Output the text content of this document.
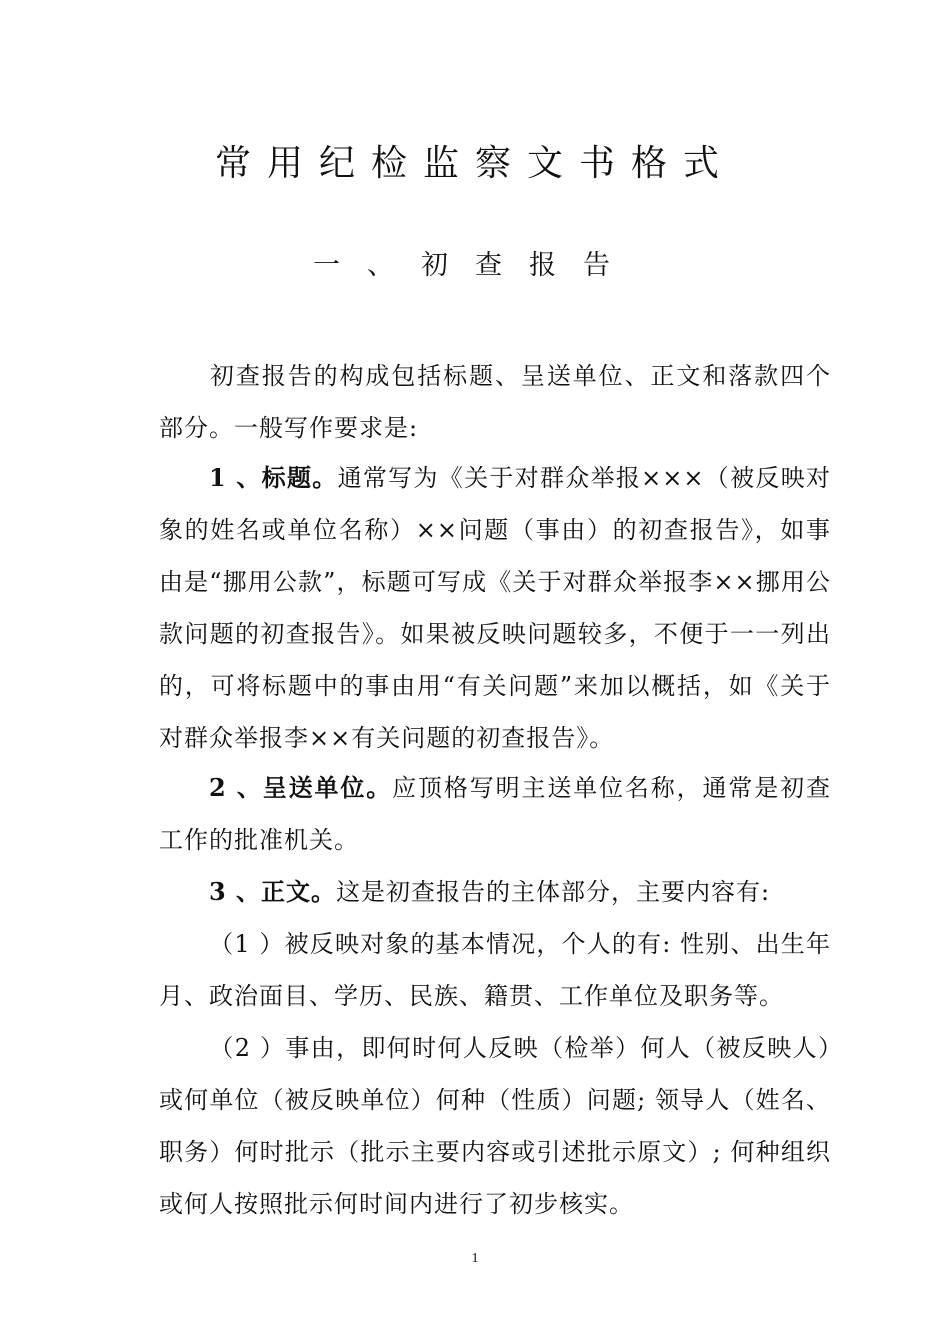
常用纪检监察文书格式
一、初查报告
初查报告的构成包括标题、呈送单位、正文和落款四个部分。一般写作要求是:
1 、标题。通常写为《关于对群众举报×××（被反映对象的姓名或单位名称）××问题（事由）的初查报告》，如事由是“挪用公款”，标题可写成《关于对群众举报李××挪用公款问题的初查报告》。如果被反映问题较多，不便于一一列出的，可将标题中的事由用“有关问题”来加以概括，如《关于对群众举报李××有关问题的初查报告》。
2 、呈送单位。应顶格写明主送单位名称，通常是初查工作的批准机关。
3 、正文。这是初查报告的主体部分，主要内容有:
（1 ）被反映对象的基本情况，个人的有: 性别、出生年月、政治面目、学历、民族、籍贯、工作单位及职务等。
（2 ）事由，即何时何人反映（检举）何人（被反映人）或何单位（被反映单位）何种（性质）问题; 领导人（姓名、职务）何时批示（批示主要内容或引述批示原文）; 何种组织或何人按照批示何时间内进行了初步核实。
1
